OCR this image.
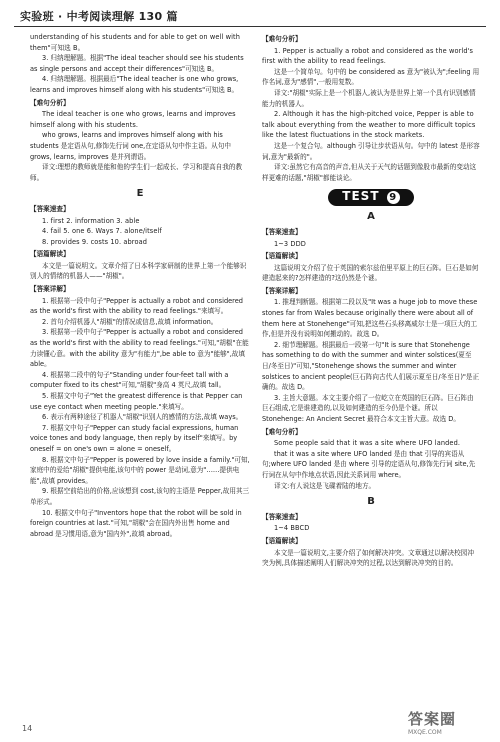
实验班 · 中考阅读理解 130 篇

understanding of his students and for able to get on well with them"可知选 B。

3. 归纳理解题。根据"The ideal teacher should see his students as single persons and accept their differences"可知选 B。

4. 归纳理解题。根据最后"The ideal teacher is one who grows, learns and improves himself along with his students"可知选 B。

【难句分析】

The ideal teacher is one who grows, learns and improves himself along with his students.

who grows, learns and improves himself along with his students 是定语从句,修饰先行词 one,在定语从句中作主语。从句中 grows, learns, improves 是并列谓语。

译文:理想的教师就是能和他的学生们一起成长、学习和提高自我的教师。

E
【答案速查】

1. first 2. information 3. able

4. fail 5. one 6. Ways 7. alone/itself

8. provides 9. costs 10. abroad

【语篇解读】

本文是一篇说明文。文章介绍了日本科学家研制的世界上第一个能够识别人的情绪的机器人——"胡椒"。

【答案详解】

1. 根据第一段中句子"Pepper is actually a robot and considered as the world's first with the ability to read feelings."来填写。

2. 首句介绍机器人"胡椒"的情况或信息,故填 information。

3. 根据第一段中句子"Pepper is actually a robot and considered as the world's first with the ability to read feelings."可知,"胡椒"在能力读懂心意。with the ability 意为"有能力",be able to 意为"能够",故填 able。

4. 根据第二段中的句子"Standing under four-feet tall with a computer fixed to its chest"可知,"胡椒"身高 4 英尺,故填 tall。

5. 根据文中句子"Yet the greatest difference is that Pepper can use eye contact when meeting people."来填写。

6. 表示有两种途径了机器人"胡椒"识别人的感情的方法,故填 ways。

7. 根据文中句子"Pepper can study facial expressions, human voice tones and body language, then reply by itself"来填写。by oneself = on one's own = alone = oneself。

8. 根据文中句子"Pepper is powered by love inside a family."可知,家庭中的爱给"胡椒"提供电能,该句中的 power 是动词,意为"……提供电能",故填 provides。

9. 根据空前给出的价格,应该想到 cost,该句的主语是 Pepper,故用其三单形式。

10. 根据文中句子"Inventors hope that the robot will be sold in foreign countries at last."可知,"胡椒"会在国内外出售 home and abroad 是习惯用语,意为"国内外",故填 abroad。

【难句分析】

1. Pepper is actually a robot and considered as the world's first with the ability to read feelings.

这是一个简单句。句中的 be considered as 意为"被认为";feeling 用作名词,意为"感情",一般用复数。

译文:"胡椒"实际上是一个机器人,被认为是世界上第一个具有识别感情能力的机器人。

2. Although it has the high-pitched voice, Pepper is able to talk about everything from the weather to more difficult topics like the latest fluctuations in the stock markets.

这是一个复合句。although 引导让步状语从句。句中的 latest 是形容词,意为"最新的"。

译文:虽然它有高音的声音,但从关于天气的话题到像股市最新的变动这样更难的话题,"胡椒"都能谈论。

TEST 9
A
【答案速查】

1~3 DDD

【语篇解读】

这篇说明文介绍了位于英国的索尔兹伯里平原上的巨石阵。巨石是如何建造起来的?怎样建造的?这仍然是个谜。

【答案详解】

1. 推理判断题。根据第二段以及"It was a huge job to move these stones far from Wales because originally there were about all of them here at Stonehenge"可知,把这些石头移离威尔士是一项巨大的工作,但是并没有说明如何搬动的。故选 D。

2. 细节理解题。根据最后一段第一句"It is sure that Stonehenge has something to do with the summer and winter solstices(夏至日/冬至日)"可知,"Stonehenge shows the summer and winter solstices to ancient people(巨石阵向古代人们展示夏至日/冬至日)"是正确的。故选 D。

3. 主旨大意题。本文主要介绍了一位屹立在英国的巨石阵。巨石阵由巨石组成,它是谁建造的,以及如何建造的至今仍是个谜。所以 Stonehenge: An Ancient Secret 最符合本文主旨大意。故选 D。

【难句分析】

Some people said that it was a site where UFO landed.

that it was a site where UFO landed 是由 that 引导的宾语从句;where UFO landed 是由 where 引导的定语从句,修饰先行词 site,先行词在从句中作地点状语,因此关系词用 where。

译文:有人说这是飞碟着陆的地方。

B
【答案速查】

1~4 BBCD

【语篇解读】

本文是一篇说明文,主要介绍了如何解决冲突。文章通过以解决校园冲突为例,具体描述阐明人们解决冲突的过程,以达到解决冲突的目的。

14
答案圈
MXQE.COM
